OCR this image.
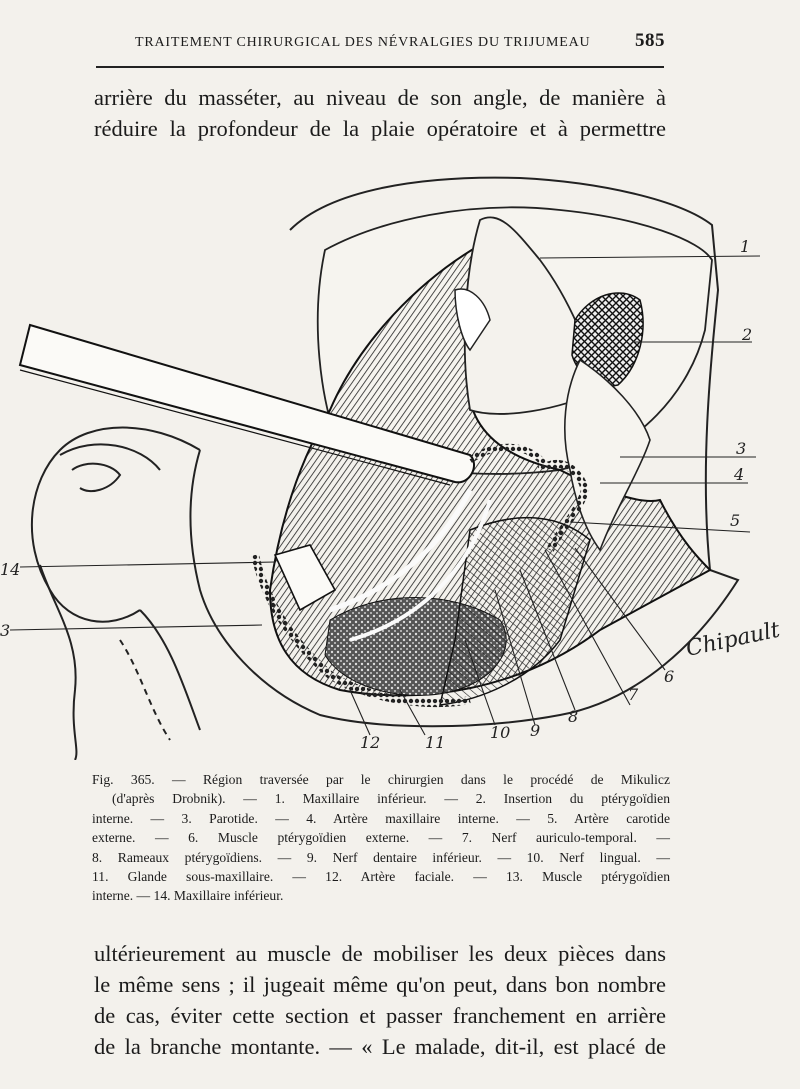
TRAITEMENT CHIRURGICAL DES NÉVRALGIES DU TRIJUMEAU 585
arrière du masséter, au niveau de son angle, de manière à
réduire la profondeur de la plaie opératoire et à permettre
1
2
3
4
5
6
7
8
9
10
11
12
14
3	Chipault
Fig. 365. — Région traversée par le chirurgien dans le procédé de Mikulicz
(d'après Drobnik). — 1. Maxillaire inférieur. — 2. Insertion du ptérygoïdien
interne. — 3. Parotide. — 4. Artère maxillaire interne. — 5. Artère carotide
externe. — 6. Muscle ptérygoïdien externe. — 7. Nerf auriculo-temporal. —
8. Rameaux ptérygoïdiens. — 9. Nerf dentaire inférieur. — 10. Nerf lingual. —
11. Glande sous-maxillaire. — 12. Artère faciale. — 13. Muscle ptérygoïdien
interne. — 14. Maxillaire inférieur.
ultérieurement au muscle de mobiliser les deux pièces dans
le même sens ; il jugeait même qu'on peut, dans bon nombre
de cas, éviter cette section et passer franchement en arrière
de la branche montante. — « Le malade, dit-il, est placé de
